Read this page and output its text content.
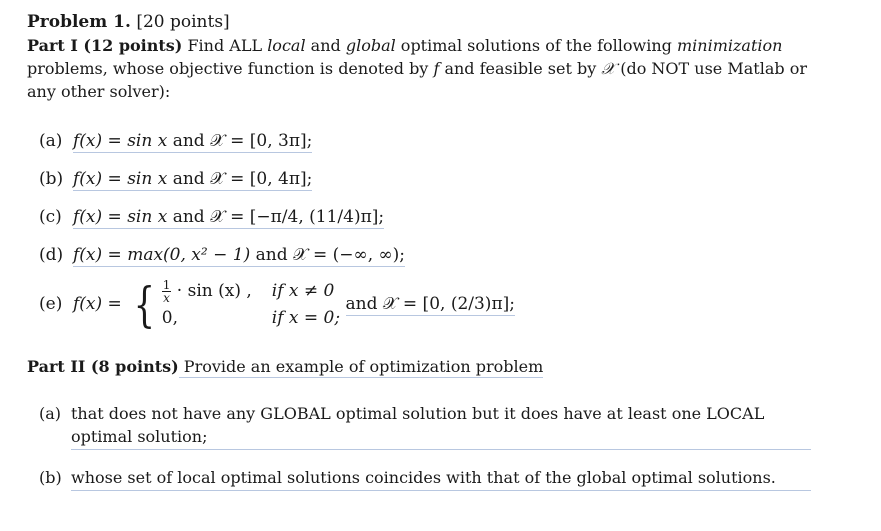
Problem 1. [20 points]

Part I (12 points) Find ALL local and global optimal solutions of the following minimization problems, whose objective function is denoted by f and feasible set by 𝒳 (do NOT use Matlab or any other solver):

(a) f(x) = sin x and 𝒳 = [0, 3π];
(b) f(x) = sin x and 𝒳 = [0, 4π];
(c) f(x) = sin x and 𝒳 = [−π/4, (11/4)π];
(d) f(x) = max(0, x² − 1) and 𝒳 = (−∞, ∞);
(e) f(x) = { $\frac{1}{x} \cdot \sin (x)$ , if x ≠ 0
0,	if x = 0;
and 𝒳 = [0, (2/3)π];

Part II (8 points) Provide an example of optimization problem

(a) that does not have any GLOBAL optimal solution but it does have at least one LOCAL optimal solution;
(b) whose set of local optimal solutions coincides with that of the global optimal solutions.
